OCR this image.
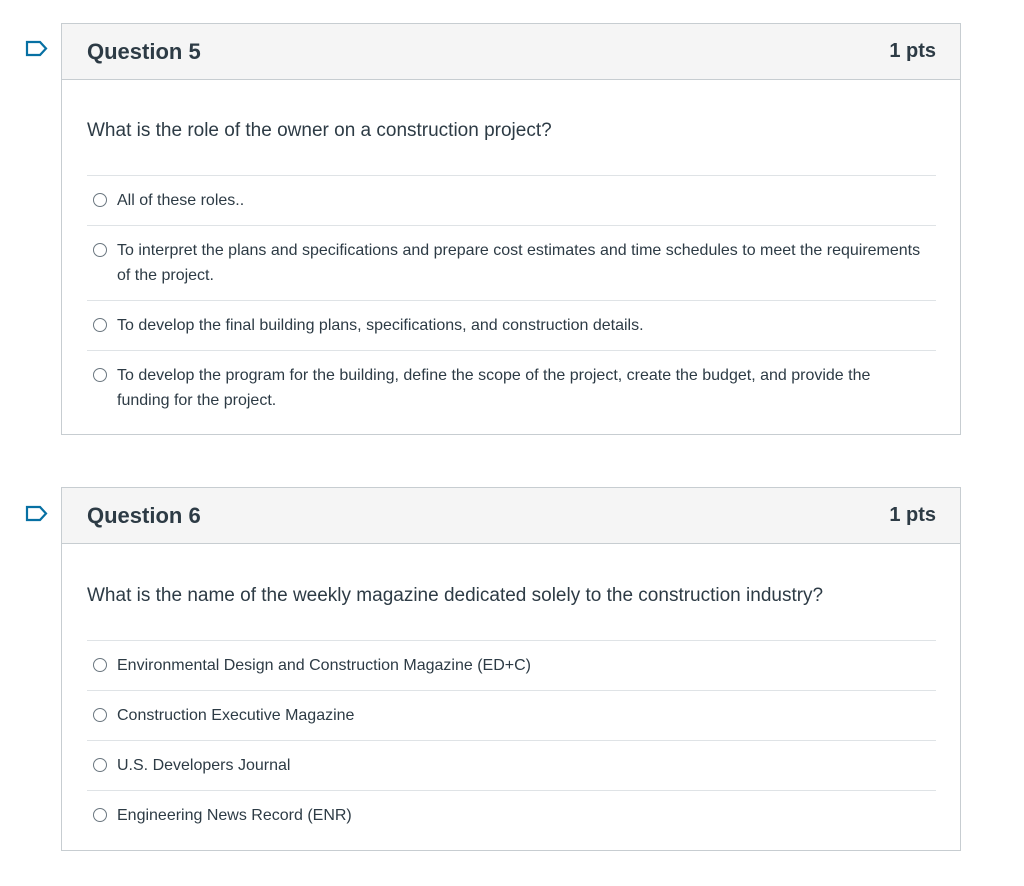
Question 5	1 pts

What is the role of the owner on a construction project?

All of these roles..
To interpret the plans and specifications and prepare cost estimates and time schedules to meet the requirements of the project.
To develop the final building plans, specifications, and construction details.
To develop the program for the building, define the scope of the project, create the budget, and provide the funding for the project.
Question 6	1 pts

What is the name of the weekly magazine dedicated solely to the construction industry?

Environmental Design and Construction Magazine (ED+C)
Construction Executive Magazine
U.S. Developers Journal
Engineering News Record (ENR)
